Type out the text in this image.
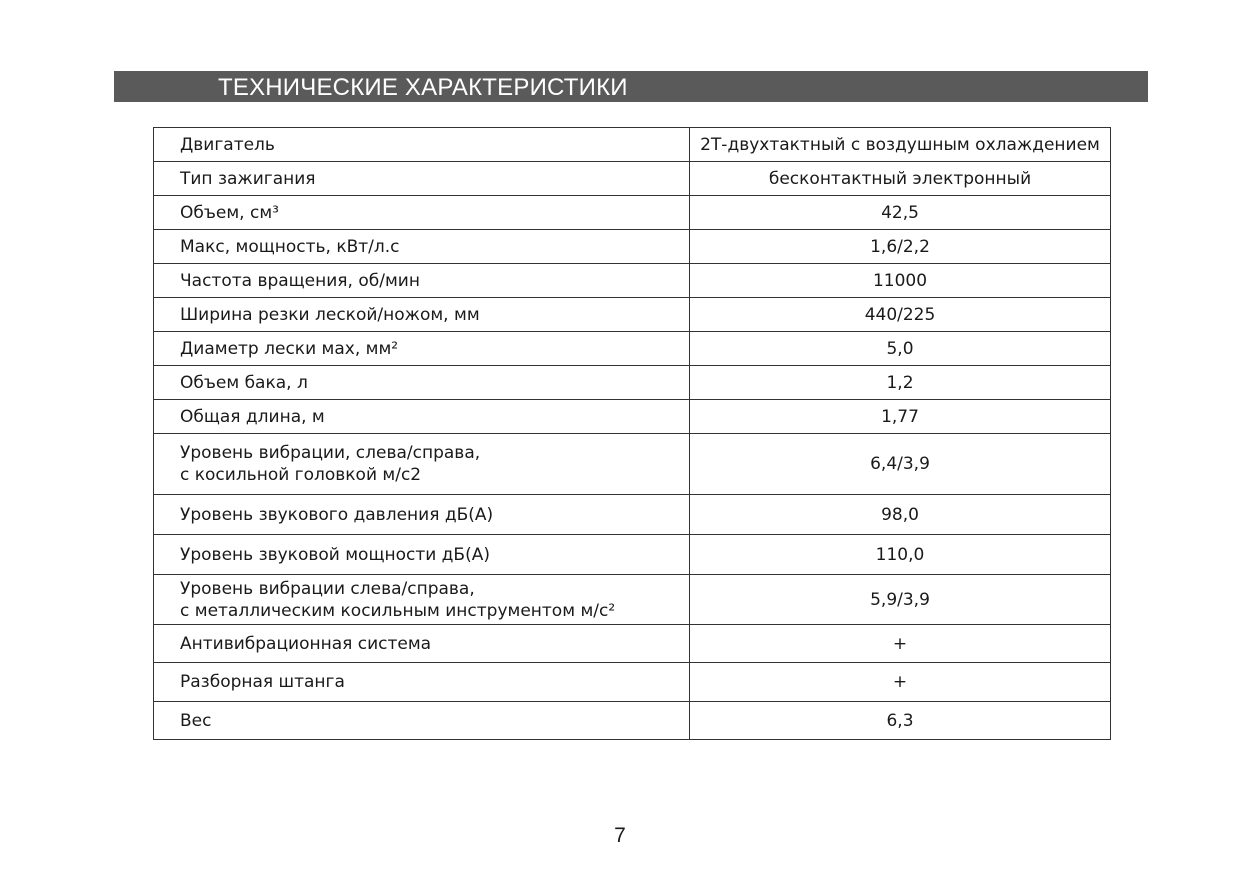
ТЕХНИЧЕСКИЕ ХАРАКТЕРИСТИКИ
Двигатель	2Т-двухтактный с воздушным охлаждением

Тип зажигания	бесконтактный электронный

Объем, см³	42,5

Макс, мощность, кВт/л.с	1,6/2,2

Частота вращения, об/мин	11000

Ширина резки леской/ножом, мм	440/225

Диаметр лески мах, мм²	5,0

Объем бака, л	1,2

Общая длина, м	1,77

Уровень вибрации, слева/справа,
с косильной головкой м/с2	6,4/3,9

Уровень звукового давления дБ(А)	98,0

Уровень звуковой мощности дБ(А)	110,0

Уровень вибрации слева/справа,
с металлическим косильным инструментом м/с²	5,9/3,9

Антивибрационная система	+

Разборная штанга	+

Вес	6,3
7
